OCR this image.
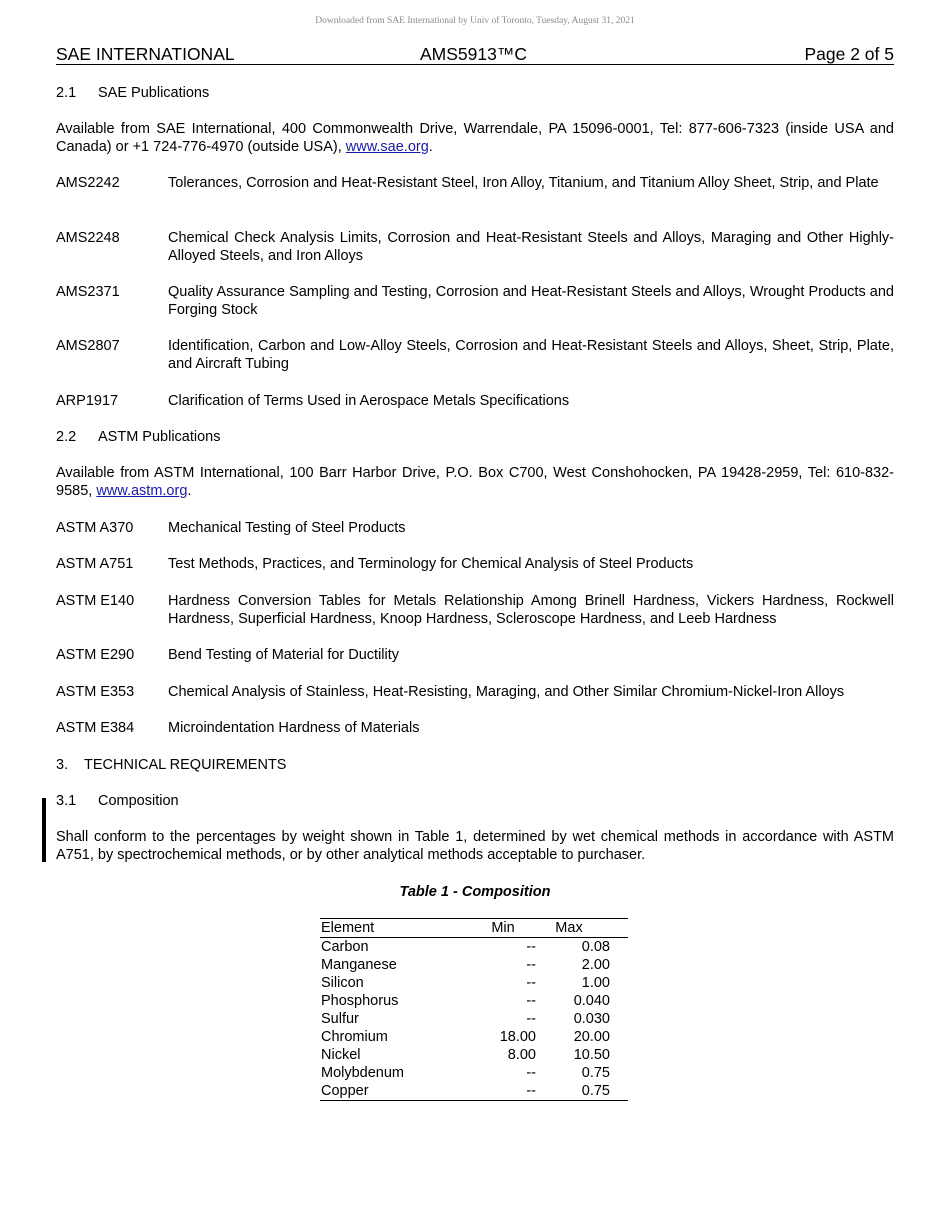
Downloaded from SAE International by Univ of Toronto, Tuesday, August 31, 2021
SAE INTERNATIONAL	AMS5913™C	Page 2 of 5
2.1 SAE Publications
Available from SAE International, 400 Commonwealth Drive, Warrendale, PA 15096-0001, Tel: 877-606-7323 (inside USA and Canada) or +1 724-776-4970 (outside USA), www.sae.org.
AMS2242	Tolerances, Corrosion and Heat-Resistant Steel, Iron Alloy, Titanium, and Titanium Alloy Sheet, Strip, and Plate
AMS2248	Chemical Check Analysis Limits, Corrosion and Heat-Resistant Steels and Alloys, Maraging and Other Highly-Alloyed Steels, and Iron Alloys
AMS2371	Quality Assurance Sampling and Testing, Corrosion and Heat-Resistant Steels and Alloys, Wrought Products and Forging Stock
AMS2807	Identification, Carbon and Low-Alloy Steels, Corrosion and Heat-Resistant Steels and Alloys, Sheet, Strip, Plate, and Aircraft Tubing
ARP1917	Clarification of Terms Used in Aerospace Metals Specifications
2.2 ASTM Publications
Available from ASTM International, 100 Barr Harbor Drive, P.O. Box C700, West Conshohocken, PA 19428-2959, Tel: 610-832-9585, www.astm.org.
ASTM A370 Mechanical Testing of Steel Products
ASTM A751 Test Methods, Practices, and Terminology for Chemical Analysis of Steel Products
ASTM E140 Hardness Conversion Tables for Metals Relationship Among Brinell Hardness, Vickers Hardness, Rockwell Hardness, Superficial Hardness, Knoop Hardness, Scleroscope Hardness, and Leeb Hardness
ASTM E290 Bend Testing of Material for Ductility
ASTM E353 Chemical Analysis of Stainless, Heat-Resisting, Maraging, and Other Similar Chromium-Nickel-Iron Alloys
ASTM E384 Microindentation Hardness of Materials
3. TECHNICAL REQUIREMENTS
3.1 Composition
Shall conform to the percentages by weight shown in Table 1, determined by wet chemical methods in accordance with ASTM A751, by spectrochemical methods, or by other analytical methods acceptable to purchaser.
Table 1 - Composition
Element	Min	Max
Carbon	--	0.08
Manganese	--	2.00
Silicon	--	1.00
Phosphorus	--	0.040
Sulfur	--	0.030
Chromium	18.00	20.00
Nickel	8.00	10.50
Molybdenum	--	0.75
Copper	--	0.75
